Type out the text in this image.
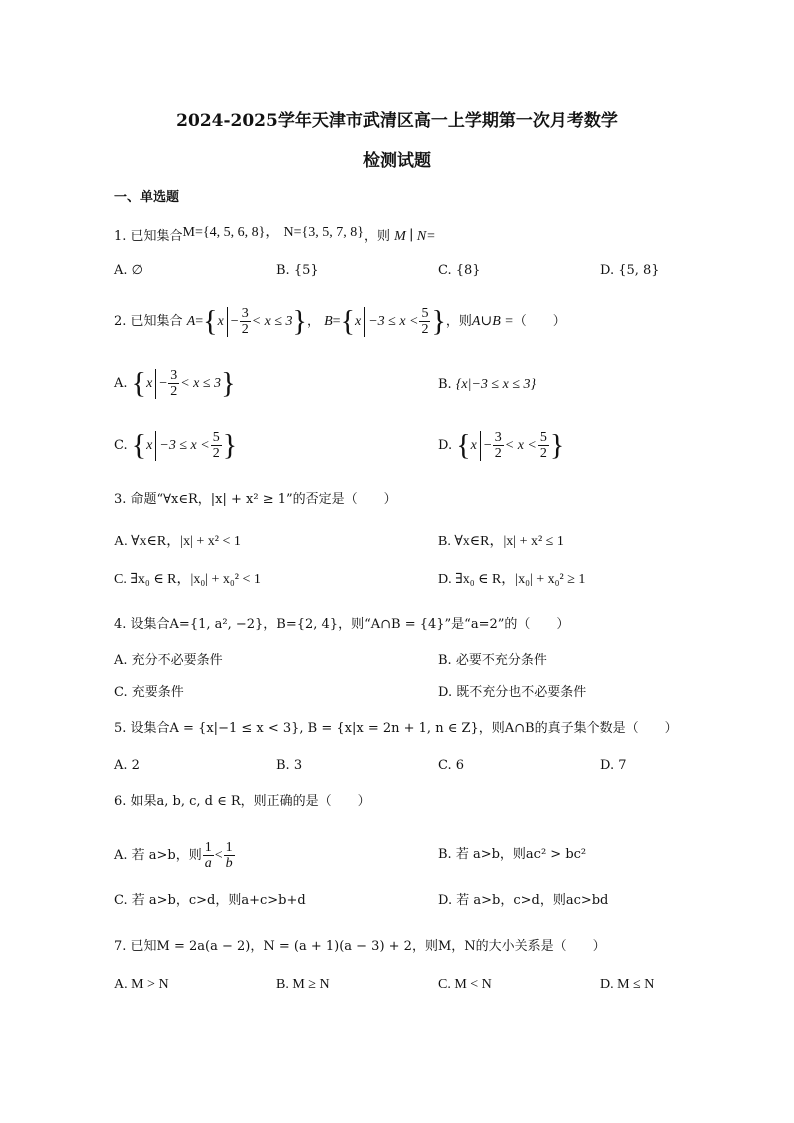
2024-2025学年天津市武清区高一上学期第一次月考数学
检测试题
一、单选题
1. 已知集合M={4, 5, 6, 8}， N={3, 5, 7, 8}，则 M ∣ N=
A. ∅	B. {5}	C. {8}	D. {5, 8}
2. 已知集合 $A=\{x - \frac{3}{2} < x \le 3\}$， $B=\{x -3 \le x < \frac{5}{2}$ }，则A∪B =（　　）
A. $\{x - \frac{3}{2} < x \le 3\}$	B. {x|−3 ≤ x ≤ 3}
C. {$x -3 \le x < \frac{5}{2}$ }	D. {$x - \frac{3}{2} < x < \frac{5}{2}$ }
3. 命题“∀x∈R，|x| + x² ≥ 1”的否定是（　　）
A. ∀x∈R，|x| + x² < 1	B. ∀x∈R，|x| + x² ≤ 1
C. ∃x₀ ∈ R，|x₀| + x₀² < 1	D. ∃x₀ ∈ R，|x₀| + x₀² ≥ 1
4. 设集合A={1, a², −2}，B={2, 4}，则“A∩B = {4}”是“a=2”的（　　）
A. 充分不必要条件	B. 必要不充分条件
C. 充要条件	D. 既不充分也不必要条件
5. 设集合A = {x|−1 ≤ x < 3}, B = {x|x = 2n + 1, n ∈ Z}，则A∩B的真子集个数是（　　）
A. 2	B. 3	C. 6	D. 7
6. 如果a, b, c, d ∈ R，则正确的是（　　）
A. 若 a>b，则 $\frac{1}{a} < \frac{1}{b}$	B. 若 a>b，则ac² > bc²
C. 若 a>b，c>d，则a+c>b+d	D. 若 a>b，c>d，则ac>bd
7. 已知M = 2a(a − 2)，N = (a + 1)(a − 3) + 2，则M，N的大小关系是（　　）
A. M > N	B. M ≥ N	C. M < N	D. M ≤ N
